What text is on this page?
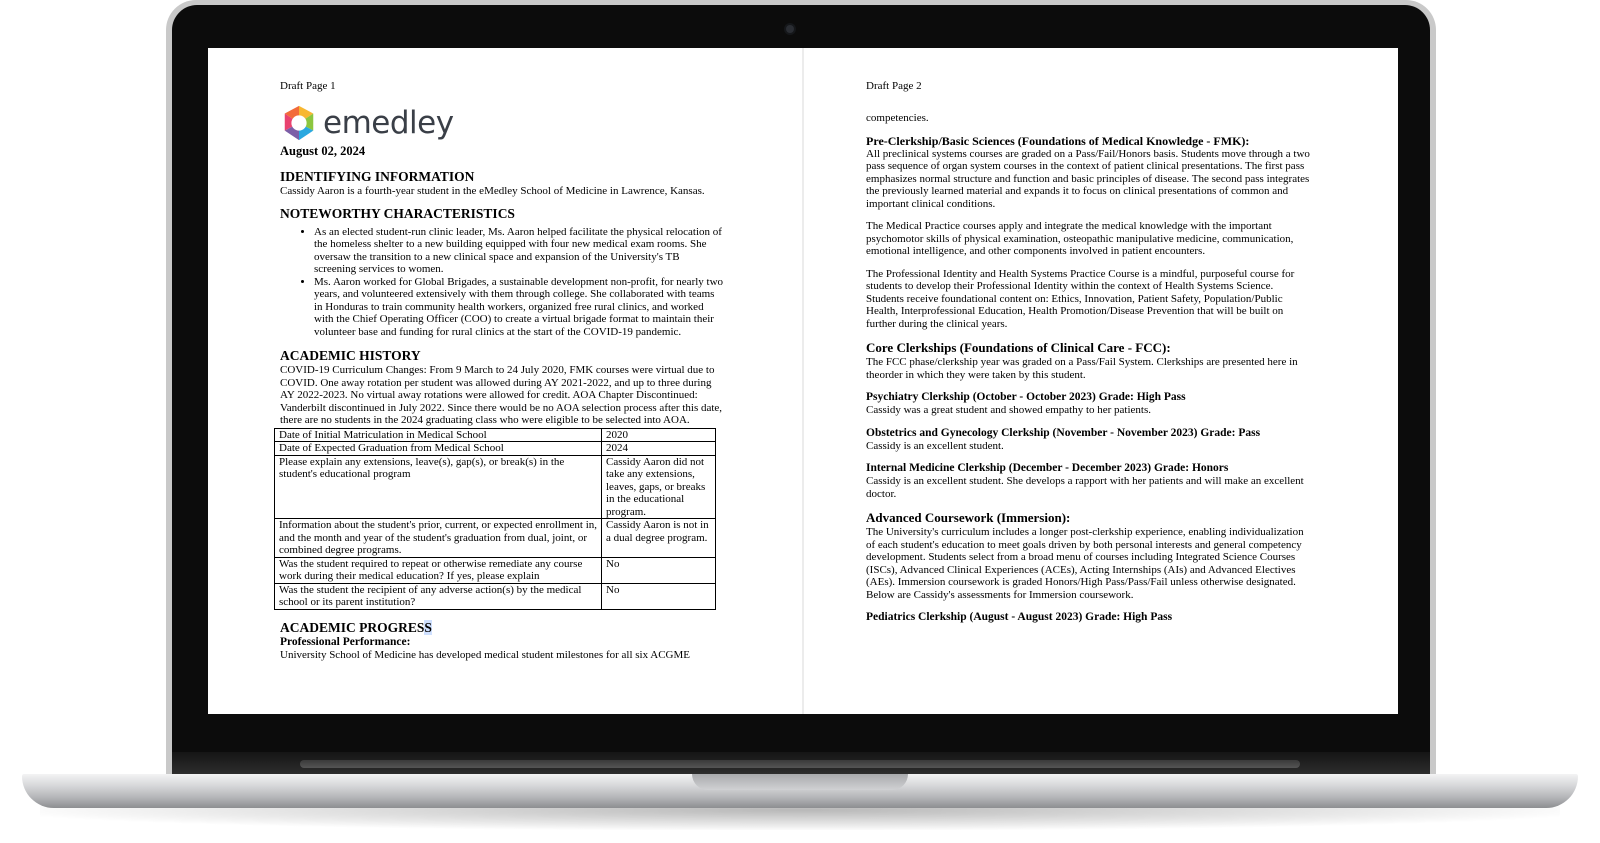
Draft Page 1
emedley
August 02, 2024
IDENTIFYING INFORMATION

Cassidy Aaron is a fourth-year student in the eMedley School of Medicine in Lawrence, Kansas.

NOTEWORTHY CHARACTERISTICS
• As an elected student-run clinic leader, Ms. Aaron helped facilitate the physical relocation of the homeless shelter to a new building equipped with four new medical exam rooms. She oversaw the transition to a new clinical space and expansion of the University's TB screening services to women.
• Ms. Aaron worked for Global Brigades, a sustainable development non-profit, for nearly two years, and volunteered extensively with them through college. She collaborated with teams in Honduras to train community health workers, organized free rural clinics, and worked with the Chief Operating Officer (COO) to create a virtual brigade format to maintain their volunteer base and funding for rural clinics at the start of the COVID-19 pandemic.
ACADEMIC HISTORY

COVID-19 Curriculum Changes: From 9 March to 24 July 2020, FMK courses were virtual due to COVID. One away rotation per student was allowed during AY 2021-2022, and up to three during AY 2022-2023. No virtual away rotations were allowed for credit. AOA Chapter Discontinued: Vanderbilt discontinued in July 2022. Since there would be no AOA selection process after this date, there are no students in the 2024 graduating class who were eligible to be selected into AOA.

Date of Initial Matriculation in Medical School	2020
Date of Expected Graduation from Medical School	2024
Please explain any extensions, leave(s), gap(s), or break(s) in the student's educational program	Cassidy Aaron did not take any extensions, leaves, gaps, or breaks in the educational program.
Information about the student's prior, current, or expected enrollment in, and the month and year of the student's graduation from dual, joint, or combined degree programs.	Cassidy Aaron is not in a dual degree program.
Was the student required to repeat or otherwise remediate any course work during their medical education? If yes, please explain	No
Was the student the recipient of any adverse action(s) by the medical school or its parent institution?	No
ACADEMIC PROGRESS
Professional Performance:

University School of Medicine has developed medical student milestones for all six ACGME

Draft Page 2

competencies.

Pre-Clerkship/Basic Sciences (Foundations of Medical Knowledge - FMK):

All preclinical systems courses are graded on a Pass/Fail/Honors basis. Students move through a two pass sequence of organ system courses in the context of patient clinical presentations. The first pass emphasizes normal structure and function and basic principles of disease. The second pass integrates the previously learned material and expands it to focus on clinical presentations of common and important clinical conditions.

The Medical Practice courses apply and integrate the medical knowledge with the important psychomotor skills of physical examination, osteopathic manipulative medicine, communication, emotional intelligence, and other components involved in patient encounters.

The Professional Identity and Health Systems Practice Course is a mindful, purposeful course for students to develop their Professional Identity within the context of Health Systems Science. Students receive foundational content on: Ethics, Innovation, Patient Safety, Population/Public Health, Interprofessional Education, Health Promotion/Disease Prevention that will be built on further during the clinical years.

Core Clerkships (Foundations of Clinical Care - FCC):

The FCC phase/clerkship year was graded on a Pass/Fail System. Clerkships are presented here in theorder in which they were taken by this student.

Psychiatry Clerkship (October - October 2023) Grade: High Pass

Cassidy was a great student and showed empathy to her patients.

Obstetrics and Gynecology Clerkship (November - November 2023) Grade: Pass

Cassidy is an excellent student.

Internal Medicine Clerkship (December - December 2023) Grade: Honors

Cassidy is an excellent student. She develops a rapport with her patients and will make an excellent doctor.

Advanced Coursework (Immersion):

The University's curriculum includes a longer post-clerkship experience, enabling individualization of each student's education to meet goals driven by both personal interests and general competency development. Students select from a broad menu of courses including Integrated Science Courses (ISCs), Advanced Clinical Experiences (ACEs), Acting Internships (AIs) and Advanced Electives (AEs). Immersion coursework is graded Honors/High Pass/Pass/Fail unless otherwise designated. Below are Cassidy's assessments for Immersion coursework.

Pediatrics Clerkship (August - August 2023) Grade: High Pass
